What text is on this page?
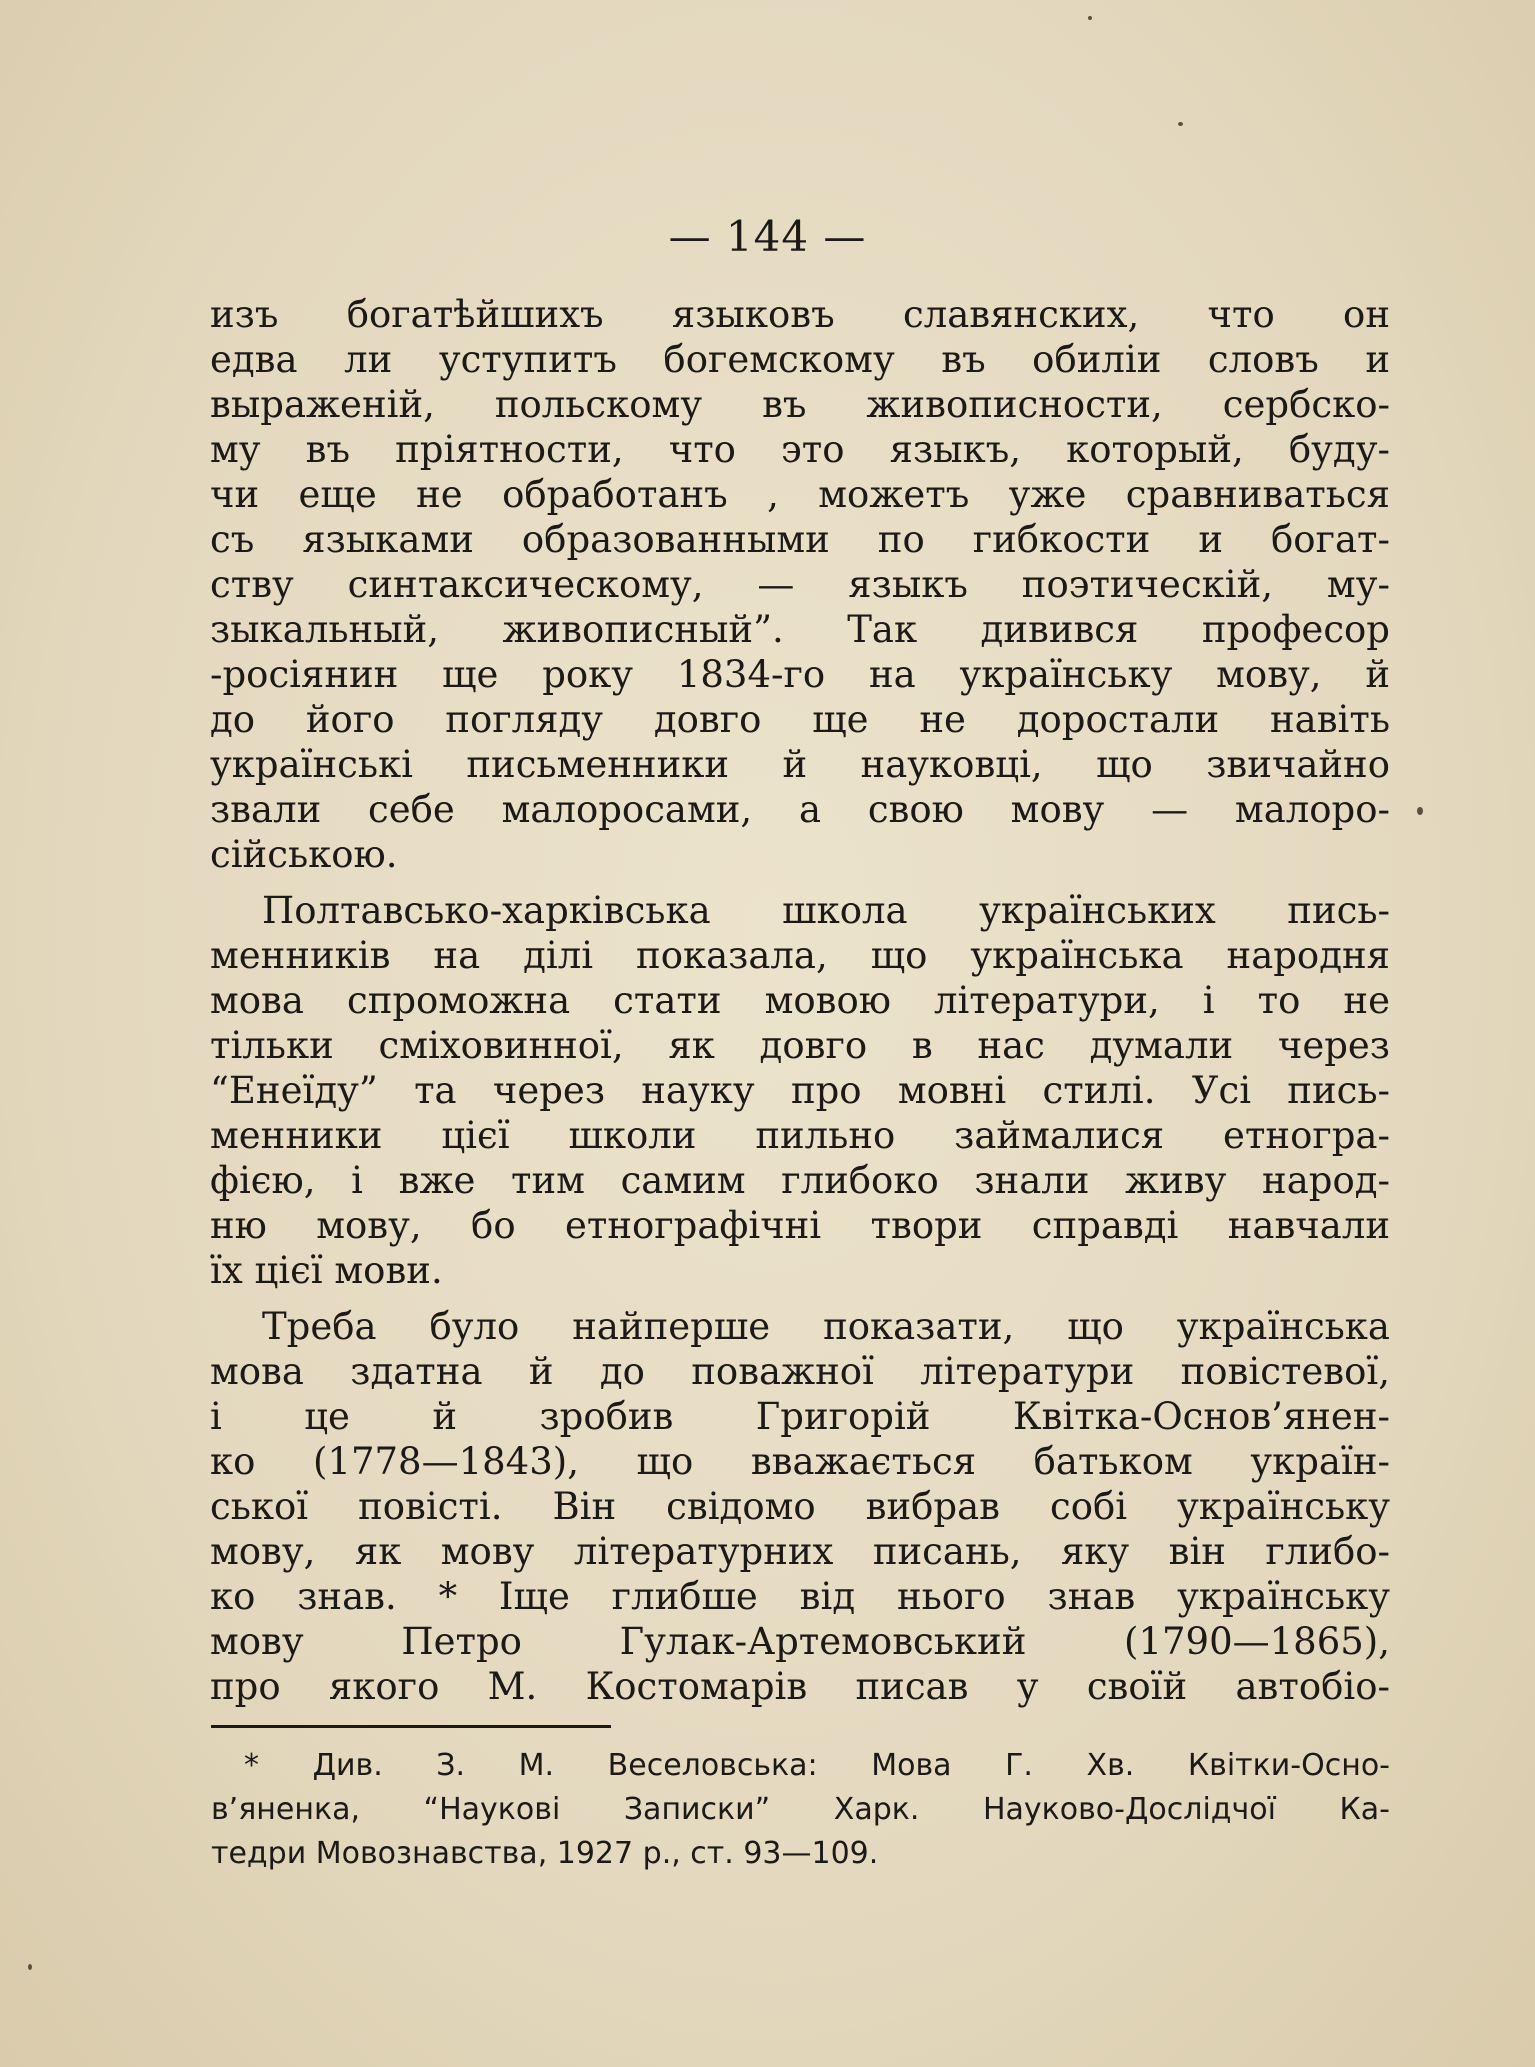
— 144 —
изъ богатѣйшихъ языковъ славянских, что он
едва ли уступитъ богемскому въ обиліи словъ и
выраженій, польскому въ живописности, сербско-
му въ пріятности, что это языкъ, который, буду-
чи еще не обработанъ , можетъ уже сравниваться
съ языками образованными по гибкости и богат-
ству синтаксическому, — языкъ поэтическій, му-
зыкальный, живописный”. Так дивився професор
-росіянин ще року 1834-го на українську мову, й
до його погляду довго ще не доростали навіть
українські письменники й науковці, що звичайно
звали себе малоросами, а свою мову — малоро-
сійською.
Полтавсько-харківська школа українських пись-
менників на ділі показала, що українська народня
мова спроможна стати мовою літератури, і то не
тільки сміховинної, як довго в нас думали через
“Енеїду” та через науку про мовні стилі. Усі пись-
менники цієї школи пильно займалися етногра-
фією, і вже тим самим глибоко знали живу народ-
ню мову, бо етнографічні твори справді навчали
їх цієї мови.
Треба було найперше показати, що українська
мова здатна й до поважної літератури повістевої,
і це й зробив Григорій Квітка-Основ’янен-
ко (1778—1843), що вважається батьком україн-
ської повісті. Він свідомо вибрав собі українську
мову, як мову літературних писань, яку він глибо-
ко знав. * Іще глибше від нього знав українську
мову Петро Гулак-Артемовський (1790—1865),
про якого М. Костомарів писав у своїй автобіо-
* Див. З. М. Веселовська: Мова Г. Хв. Квітки-Осно-
в’яненка, “Наукові Записки” Харк. Науково-Дослідчої Ка-
тедри Мовознавства, 1927 р., ст. 93—109.
